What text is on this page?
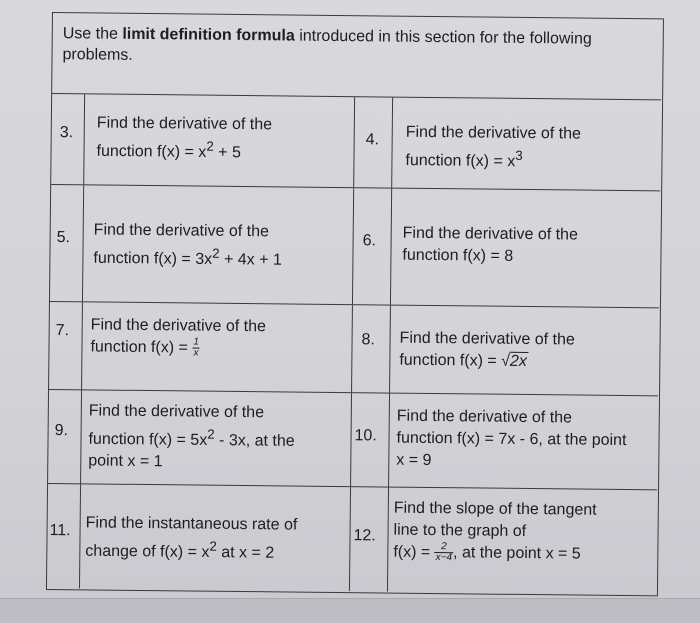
Use the limit definition formula introduced in this section for the following problems.
3. Find the derivative of the
function $f(x) = x^2 + 5$
4. Find the derivative of the
function $f(x) = x^3$
5. Find the derivative of the
function $f(x) = 3x^2 + 4x + 1$
6. Find the derivative of the
function f(x) = 8
7. Find the derivative of the
function $f(x) = \frac{1}{x}$	8. Find the derivative of the
function f(x) = √2x
9.
Find the derivative of the
function $f(x) = 5x^2 - 3x$, at the
point x = 1
10.
Find the derivative of the
function f(x) = 7x - 6, at the point
x = 9
11. Find the instantaneous rate of
change of $f(x) = x^2$ at x = 2
12.
Find the slope of the tangent
line to the graph of
$f(x) = \frac{2}{x-4}$ , at the point x = 5
